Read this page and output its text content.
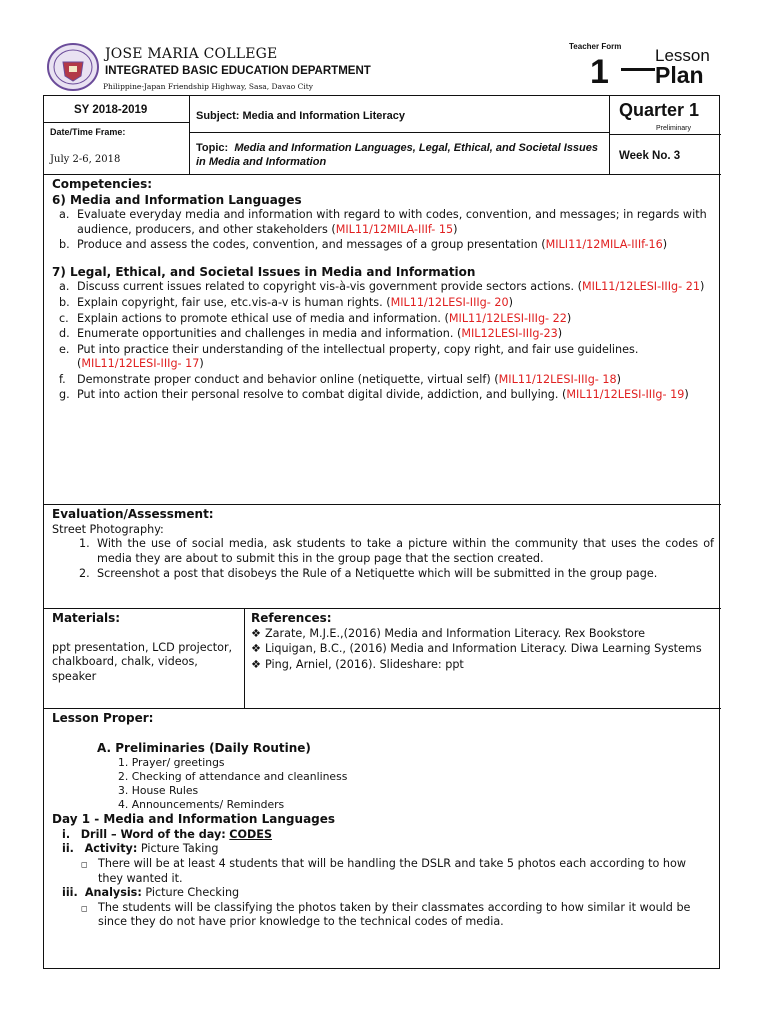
JOSE MARIA COLLEGE
INTEGRATED BASIC EDUCATION DEPARTMENT
Philippine-Japan Friendship Highway, Sasa, Davao City
Teacher Form
1	Lesson
Plan
SY 2018-2019
Date/Time Frame:
July 2-6, 2018
Subject: Media and Information Literacy
Topic: Media and Information Languages, Legal, Ethical, and Societal Issues in Media and Information
Quarter 1
Preliminary
Week No. 3
Competencies:
6) Media and Information Languages
a. Evaluate everyday media and information with regard to with codes, convention, and messages; in regards with audience, producers, and other stakeholders (MIL11/12MILA-IIIf- 15)
b. Produce and assess the codes, convention, and messages of a group presentation (MILI11/12MILA-IIIf-16)
7) Legal, Ethical, and Societal Issues in Media and Information
a. Discuss current issues related to copyright vis-à-vis government provide sectors actions. (MIL11/12LESI-IIIg- 21)
b. Explain copyright, fair use, etc.vis-a-v is human rights. (MIL11/12LESI-IIIg- 20)
c. Explain actions to promote ethical use of media and information. (MIL11/12LESI-IIIg- 22)
d. Enumerate opportunities and challenges in media and information. (MIL12LESI-IIIg-23)
e. Put into practice their understanding of the intellectual property, copy right, and fair use guidelines. (MIL11/12LESI-IIIg- 17)
f. Demonstrate proper conduct and behavior online (netiquette, virtual self) (MIL11/12LESI-IIIg- 18)
g. Put into action their personal resolve to combat digital divide, addiction, and bullying. (MIL11/12LESI-IIIg- 19)
Evaluation/Assessment:
Street Photography:
1. With the use of social media, ask students to take a picture within the community that uses the codes of media they are about to submit this in the group page that the section created.
2. Screenshot a post that disobeys the Rule of a Netiquette which will be submitted in the group page.
Materials:
ppt presentation, LCD projector, chalkboard, chalk, videos, speaker
References:
❖ Zarate, M.J.E.,(2016) Media and Information Literacy. Rex Bookstore
❖ Liquigan, B.C., (2016) Media and Information Literacy. Diwa Learning Systems
❖ Ping, Arniel, (2016). Slideshare: ppt
Lesson Proper:
A. Preliminaries (Daily Routine)
1. Prayer/ greetings
2. Checking of attendance and cleanliness
3. House Rules
4. Announcements/ Reminders
Day 1 - Media and Information Languages
i. Drill – Word of the day: CODES
ii. Activity: Picture Taking
◻ There will be at least 4 students that will be handling the DSLR and take 5 photos each according to how they wanted it.
iii. Analysis: Picture Checking
◻ The students will be classifying the photos taken by their classmates according to how similar it would be since they do not have prior knowledge to the technical codes of media.
